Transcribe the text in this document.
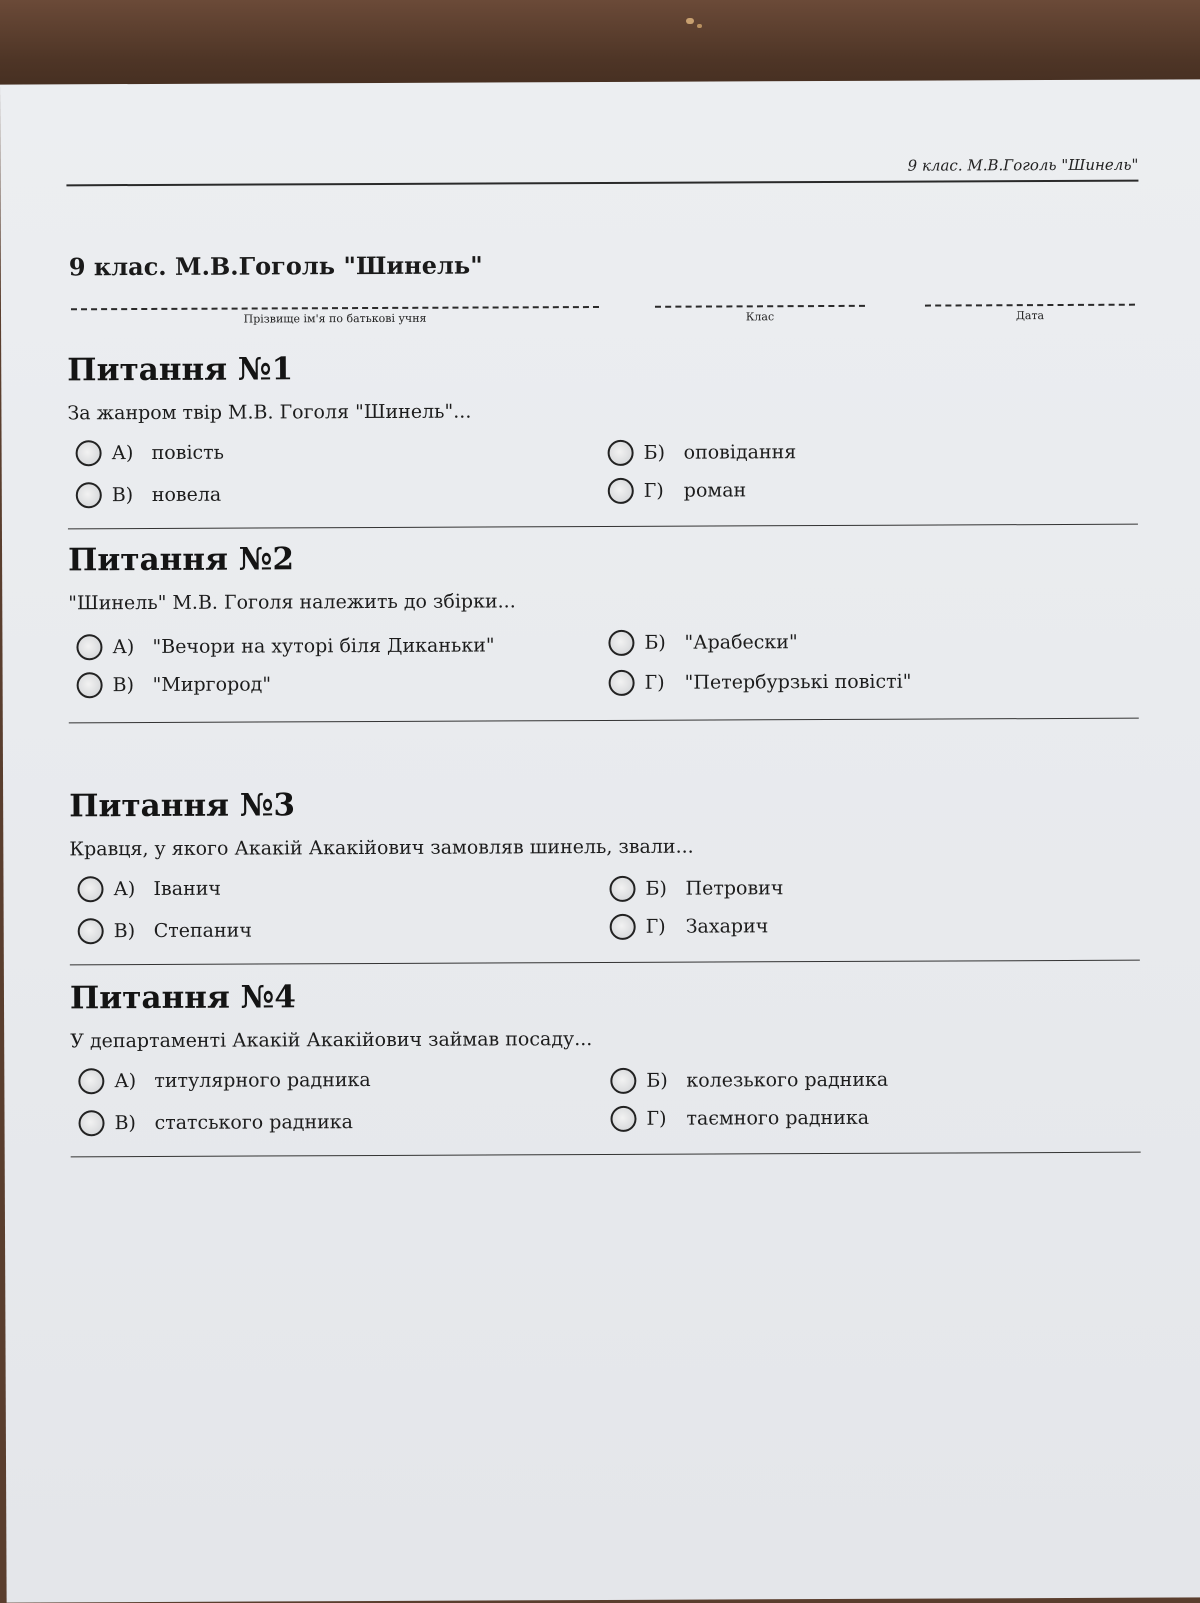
9 клас. М.В.Гоголь "Шинель"
9 клас. М.В.Гоголь "Шинель"
Прізвище ім'я по батькові учня	Клас	Дата
Питання №1
За жанром твір М.В. Гоголя "Шинель"...
А) повість	Б) оповідання
В) новела	Г)	роман
Питання №2
"Шинель" М.В. Гоголя належить до збірки...
А) "Вечори на хуторі біля Диканьки"	Б) "Арабески"
В) "Миргород"	Г)	"Петербурзькі повісті"
Питання №3
Кравця, у якого Акакій Акакійович замовляв шинель, звали...
А) Іванич	Б) Петрович
В) Степанич	Г)	Захарич
Питання №4
У департаменті Акакій Акакійович займав посаду...
А) титулярного радника	Б) колезького радника
В) статського радника	Г)	таємного радника
